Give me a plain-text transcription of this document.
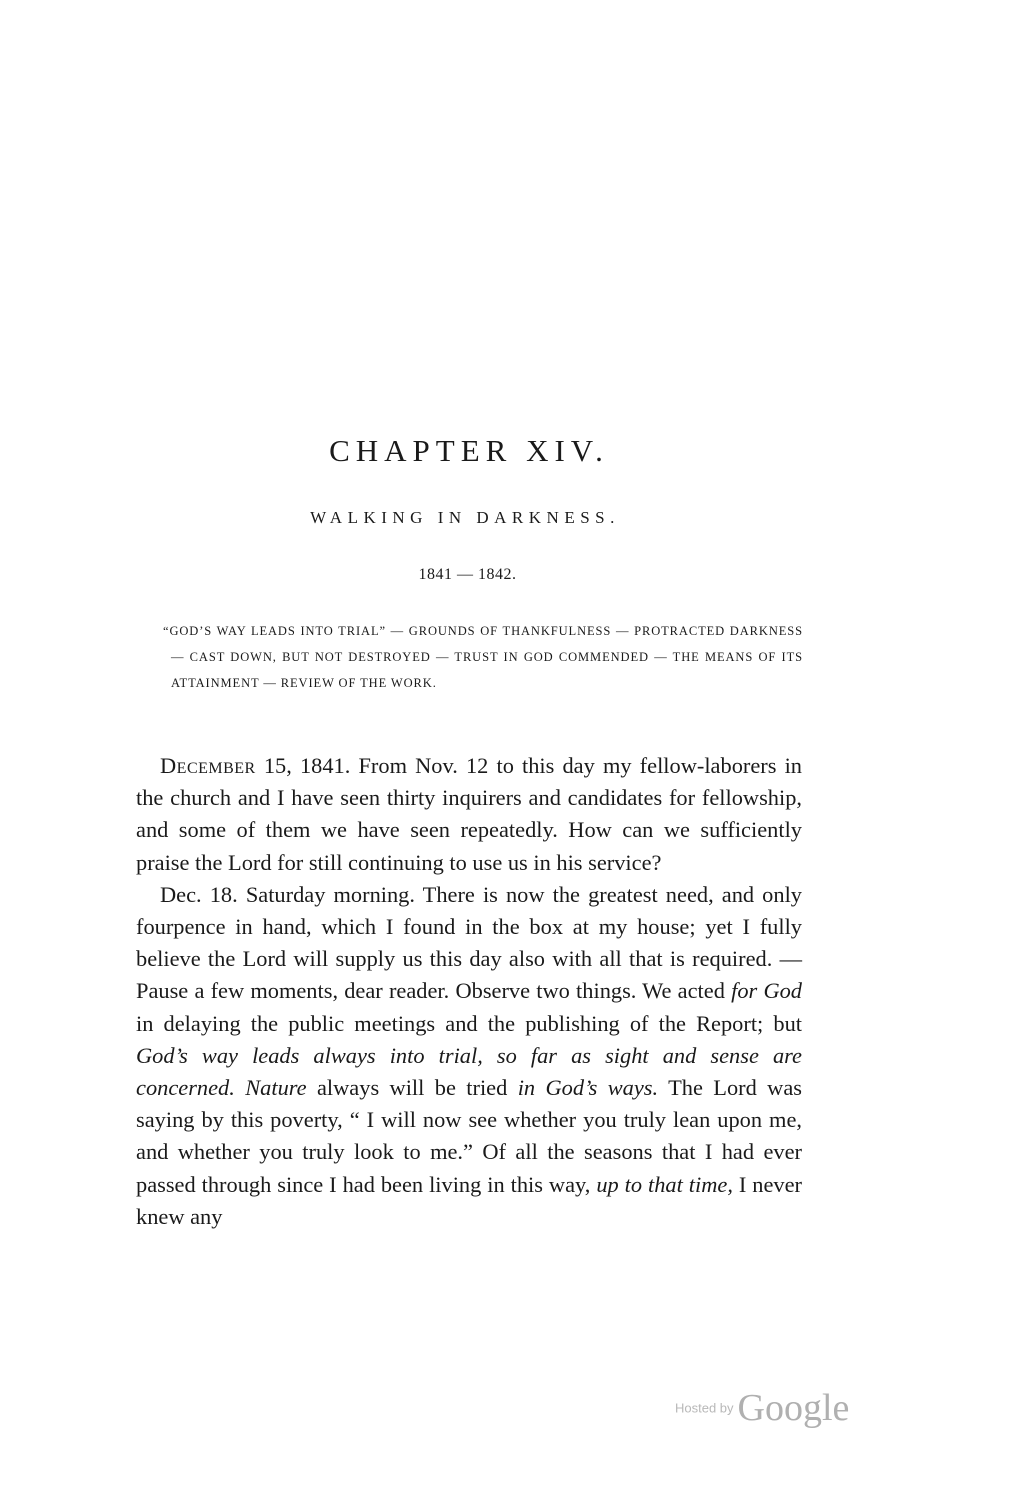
CHAPTER XIV.
WALKING IN DARKNESS.
1841 — 1842.
“GOD’S WAY LEADS INTO TRIAL” — GROUNDS OF THANKFULNESS — PROTRACTED DARKNESS — CAST DOWN, BUT NOT DESTROYED — TRUST IN GOD COMMENDED — THE MEANS OF ITS ATTAINMENT — REVIEW OF THE WORK.

December 15, 1841. From Nov. 12 to this day my fellow-laborers in the church and I have seen thirty inquirers and candidates for fellowship, and some of them we have seen repeatedly. How can we sufficiently praise the Lord for still continuing to use us in his service?

Dec. 18. Saturday morning. There is now the greatest need, and only fourpence in hand, which I found in the box at my house; yet I fully believe the Lord will supply us this day also with all that is required. — Pause a few moments, dear reader. Observe two things. We acted for God in delaying the public meetings and the publishing of the Report; but God’s way leads always into trial, so far as sight and sense are concerned. Nature always will be tried in God’s ways. The Lord was saying by this poverty, “ I will now see whether you truly lean upon me, and whether you truly look to me.” Of all the seasons that I had ever passed through since I had been living in this way, up to that time, I never knew any

Hosted by Google
